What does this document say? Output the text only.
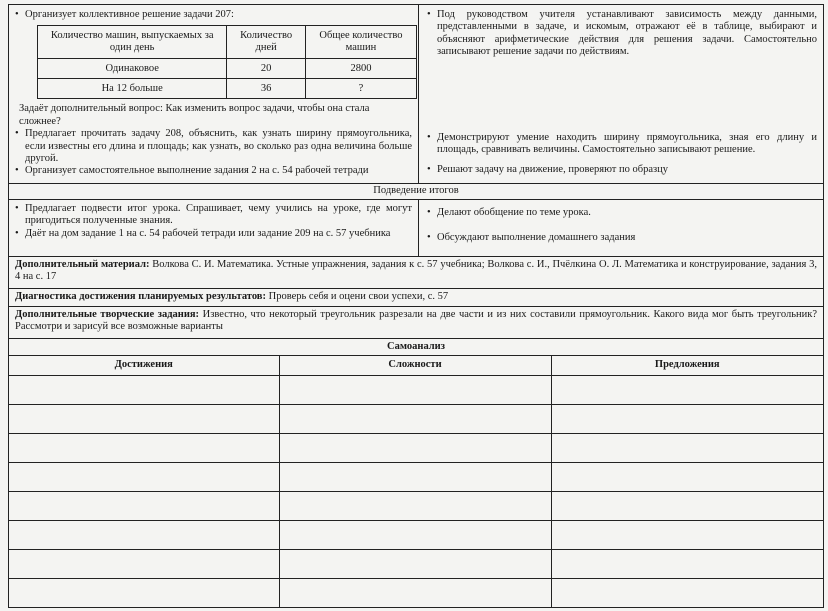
• Организует коллективное решение задачи 207:
Количество машин, выпускаемых за один день	Количество дней	Общее количество машин
Одинаковое	20	2800
На 12 больше	36	?
Задаёт дополнительный вопрос: Как изменить вопрос задачи, чтобы она стала сложнее?
• Предлагает прочитать задачу 208, объяснить, как узнать ширину прямоугольника, если известны его длина и площадь; как узнать, во сколько раз одна величина больше другой.
• Организует самостоятельное выполнение задания 2 на с. 54 рабочей тетради
• Под руководством учителя устанавливают зависимость между данными, представленными в задаче, и искомым, отражают её в таблице, выбирают и объясняют арифметические действия для решения задачи. Самостоятельно записывают решение задачи по действиям.
• Демонстрируют умение находить ширину прямоугольника, зная его длину и площадь, сравнивать величины. Самостоятельно записывают решение.
• Решают задачу на движение, проверяют по образцу
Подведение итогов
• Предлагает подвести итог урока. Спрашивает, чему учились на уроке, где могут пригодиться полученные знания.
• Даёт на дом задание 1 на с. 54 рабочей тетради или задание 209 на с. 57 учебника
• Делают обобщение по теме урока.
• Обсуждают выполнение домашнего задания
Дополнительный материал: Волкова С. И. Математика. Устные упражнения, задания к с. 57 учебника; Волкова с. И., Пчёлкина О. Л. Математика и конструирование, задания 3, 4 на с. 17
Диагностика достижения планируемых результатов: Проверь себя и оцени свои успехи, с. 57
Дополнительные творческие задания: Известно, что некоторый треугольник разрезали на две части и из них составили прямоугольник. Какого вида мог быть треугольник? Рассмотри и зарисуй все возможные варианты
Самоанализ
Достижения	Сложности	Предложения
